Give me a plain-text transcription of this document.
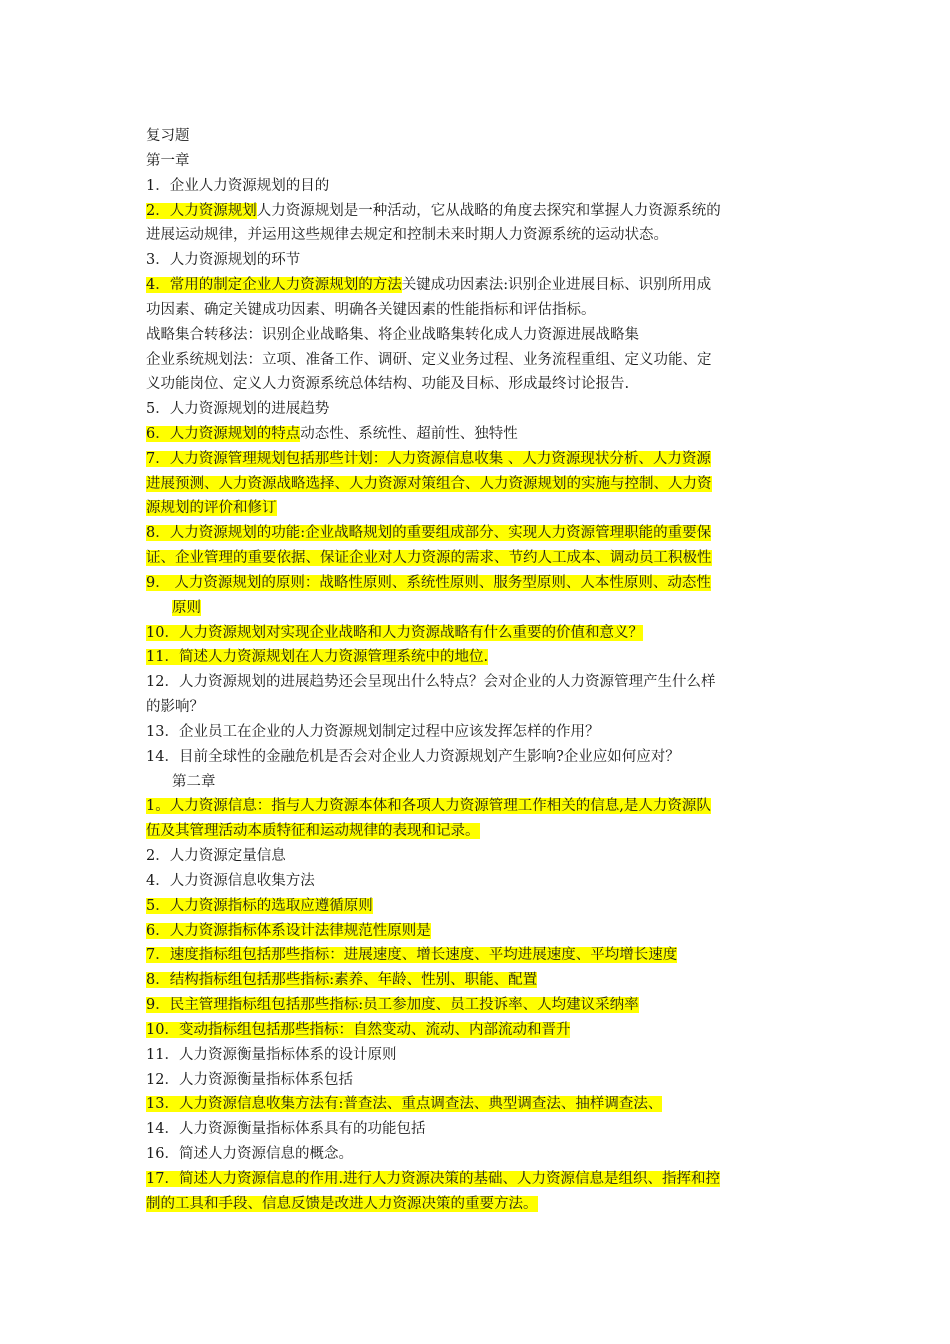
复习题
第一章
1．企业人力资源规划的目的
2．人力资源规划人力资源规划是一种活动，它从战略的角度去探究和掌握人力资源系统的
进展运动规律，并运用这些规律去规定和控制未来时期人力资源系统的运动状态。
3．人力资源规划的环节
4．常用的制定企业人力资源规划的方法关键成功因素法:识别企业进展目标、识别所用成
功因素、确定关键成功因素、明确各关键因素的性能指标和评估指标。
战略集合转移法：识别企业战略集、将企业战略集转化成人力资源进展战略集
企业系统规划法：立项、准备工作、调研、定义业务过程、业务流程重组、定义功能、定
义功能岗位、定义人力资源系统总体结构、功能及目标、形成最终讨论报告.
5．人力资源规划的进展趋势
6．人力资源规划的特点动态性、系统性、超前性、独特性
7．人力资源管理规划包括那些计划：人力资源信息收集 、人力资源现状分析、人力资源
进展预测、人力资源战略选择、人力资源对策组合、人力资源规划的实施与控制、人力资
源规划的评价和修订
8．人力资源规划的功能:企业战略规划的重要组成部分、实现人力资源管理职能的重要保
证、企业管理的重要依据、保证企业对人力资源的需求、节约人工成本、调动员工积极性
9． 人力资源规划的原则：战略性原则、系统性原则、服务型原则、人本性原则、动态性
原则
10．人力资源规划对实现企业战略和人力资源战略有什么重要的价值和意义？
11．简述人力资源规划在人力资源管理系统中的地位.
12．人力资源规划的进展趋势还会呈现出什么特点？会对企业的人力资源管理产生什么样
的影响？
13．企业员工在企业的人力资源规划制定过程中应该发挥怎样的作用？
14．目前全球性的金融危机是否会对企业人力资源规划产生影响?企业应如何应对？
第二章
1。人力资源信息：指与人力资源本体和各项人力资源管理工作相关的信息,是人力资源队
伍及其管理活动本质特征和运动规律的表现和记录。
2．人力资源定量信息
4．人力资源信息收集方法
5．人力资源指标的选取应遵循原则
6．人力资源指标体系设计法律规范性原则是
7．速度指标组包括那些指标：进展速度、增长速度、平均进展速度、平均增长速度
8．结构指标组包括那些指标:素养、年龄、性别、职能、配置
9．民主管理指标组包括那些指标:员工参加度、员工投诉率、人均建议采纳率
10．变动指标组包括那些指标：自然变动、流动、内部流动和晋升
11．人力资源衡量指标体系的设计原则
12．人力资源衡量指标体系包括
13．人力资源信息收集方法有:普查法、重点调查法、典型调查法、抽样调查法、
14．人力资源衡量指标体系具有的功能包括
16．简述人力资源信息的概念。
17．简述人力资源信息的作用.进行人力资源决策的基础、人力资源信息是组织、指挥和控
制的工具和手段、信息反馈是改进人力资源决策的重要方法。
